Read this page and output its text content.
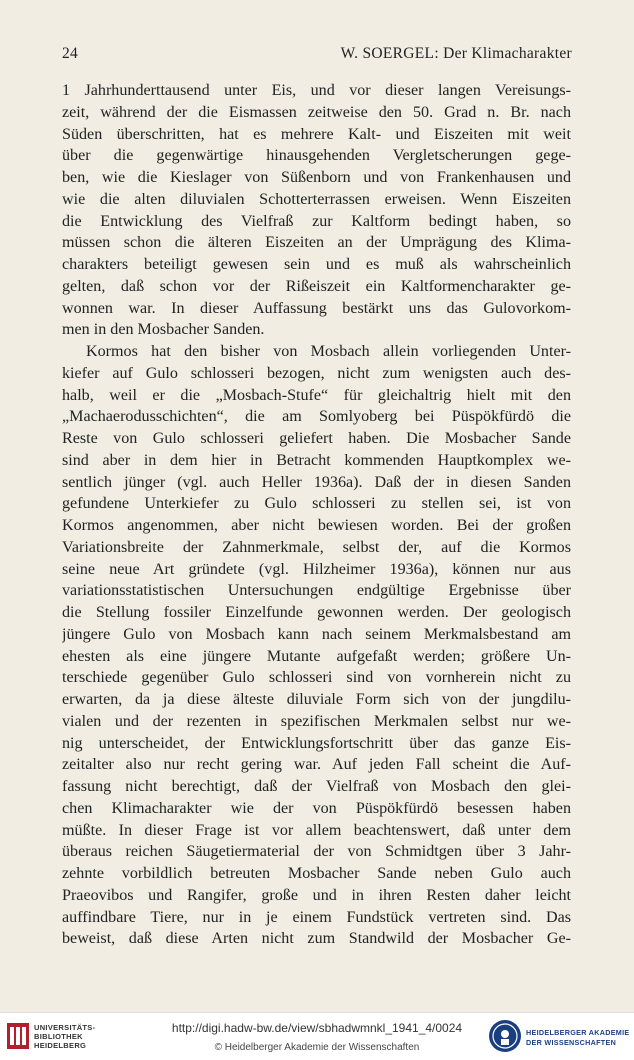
24	W. SOERGEL: Der Klimacharakter
1 Jahrhunderttausend unter Eis, und vor dieser langen Vereisungs-
zeit, während der die Eismassen zeitweise den 50. Grad n. Br. nach
Süden überschritten, hat es mehrere Kalt- und Eiszeiten mit weit
über die gegenwärtige hinausgehenden Vergletscherungen gege-
ben, wie die Kieslager von Süßenborn und von Frankenhausen und
wie die alten diluvialen Schotterterrassen erweisen. Wenn Eiszeiten
die Entwicklung des Vielfraß zur Kaltform bedingt haben, so
müssen schon die älteren Eiszeiten an der Umprägung des Klima-
charakters beteiligt gewesen sein und es muß als wahrscheinlich
gelten, daß schon vor der Rißeiszeit ein Kaltformencharakter ge-
wonnen war. In dieser Auffassung bestärkt uns das Gulovorkom-
men in den Mosbacher Sanden.
Kormos hat den bisher von Mosbach allein vorliegenden Unter-
kiefer auf Gulo schlosseri bezogen, nicht zum wenigsten auch des-
halb, weil er die „Mosbach-Stufe“ für gleichaltrig hielt mit den
„Machaerodusschichten“, die am Somlyoberg bei Püspökfürdö die
Reste von Gulo schlosseri geliefert haben. Die Mosbacher Sande
sind aber in dem hier in Betracht kommenden Hauptkomplex we-
sentlich jünger (vgl. auch Heller 1936a). Daß der in diesen Sanden
gefundene Unterkiefer zu Gulo schlosseri zu stellen sei, ist von
Kormos angenommen, aber nicht bewiesen worden. Bei der großen
Variationsbreite der Zahnmerkmale, selbst der, auf die Kormos
seine neue Art gründete (vgl. Hilzheimer 1936a), können nur aus
variationsstatistischen Untersuchungen endgültige Ergebnisse über
die Stellung fossiler Einzelfunde gewonnen werden. Der geologisch
jüngere Gulo von Mosbach kann nach seinem Merkmalsbestand am
ehesten als eine jüngere Mutante aufgefaßt werden; größere Un-
terschiede gegenüber Gulo schlosseri sind von vornherein nicht zu
erwarten, da ja diese älteste diluviale Form sich von der jungdilu-
vialen und der rezenten in spezifischen Merkmalen selbst nur we-
nig unterscheidet, der Entwicklungsfortschritt über das ganze Eis-
zeitalter also nur recht gering war. Auf jeden Fall scheint die Auf-
fassung nicht berechtigt, daß der Vielfraß von Mosbach den glei-
chen Klimacharakter wie der von Püspökfürdö besessen haben
müßte. In dieser Frage ist vor allem beachtenswert, daß unter dem
überaus reichen Säugetiermaterial der von Schmidtgen über 3 Jahr-
zehnte vorbildlich betreuten Mosbacher Sande neben Gulo auch
Praeovibos und Rangifer, große und in ihren Resten daher leicht
auffindbare Tiere, nur in je einem Fundstück vertreten sind. Das
beweist, daß diese Arten nicht zum Standwild der Mosbacher Ge-
UNIVERSITÄTS-
BIBLIOTHEK
HEIDELBERG
http://digi.hadw-bw.de/view/sbhadwmnkl_1941_4/0024
© Heidelberger Akademie der Wissenschaften
HEIDELBERGER AKADEMIE
DER WISSENSCHAFTEN
